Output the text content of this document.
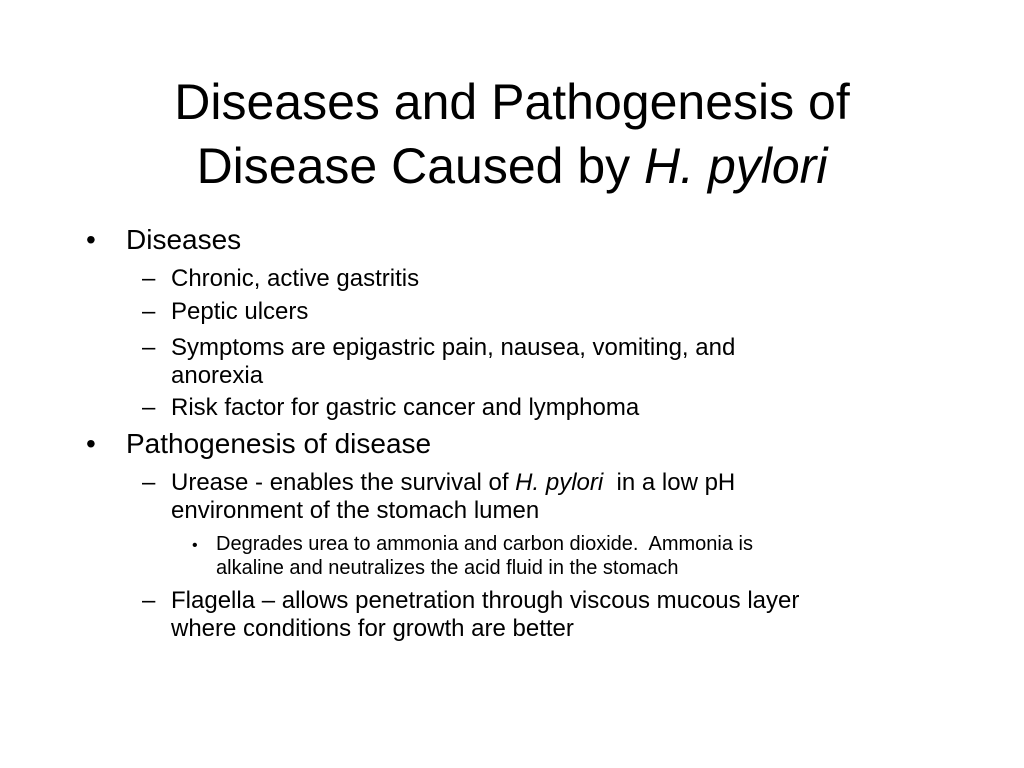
Diseases and Pathogenesis of
Disease Caused by H. pylori
• Diseases
– Chronic, active gastritis
– Peptic ulcers
– Symptoms are epigastric pain, nausea, vomiting, and
anorexia
– Risk factor for gastric cancer and lymphoma
• Pathogenesis of disease
– Urease - enables the survival of H. pylori  in a low pH
environment of the stomach lumen
• Degrades urea to ammonia and carbon dioxide.  Ammonia is
alkaline and neutralizes the acid fluid in the stomach
– Flagella – allows penetration through viscous mucous layer
where conditions for growth are better
